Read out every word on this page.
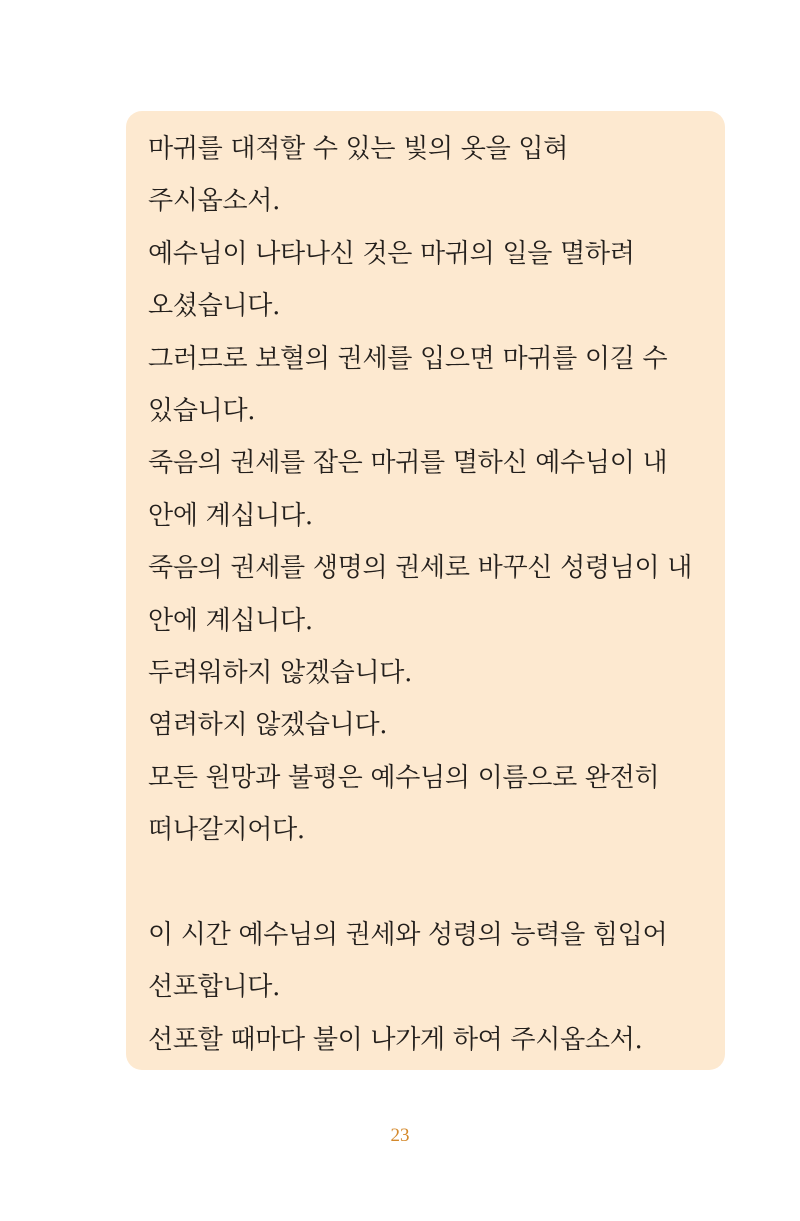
마귀를 대적할 수 있는 빛의 옷을 입혀
주시옵소서.
예수님이 나타나신 것은 마귀의 일을 멸하려
오셨습니다.
그러므로 보혈의 권세를 입으면 마귀를 이길 수
있습니다.
죽음의 권세를 잡은 마귀를 멸하신 예수님이 내
안에 계십니다.
죽음의 권세를 생명의 권세로 바꾸신 성령님이 내
안에 계십니다.
두려워하지 않겠습니다.
염려하지 않겠습니다.
모든 원망과 불평은 예수님의 이름으로 완전히
떠나갈지어다.
이 시간 예수님의 권세와 성령의 능력을 힘입어
선포합니다.
선포할 때마다 불이 나가게 하여 주시옵소서.
23
